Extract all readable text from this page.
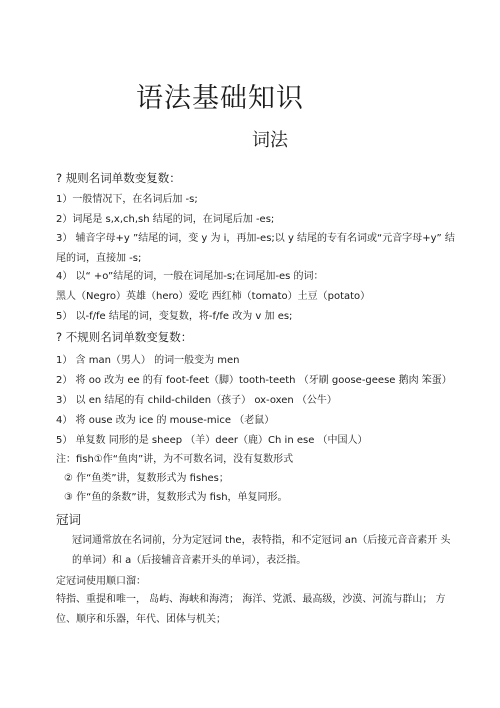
语法基础知识
词法
? 规则名词单数变复数：
1）一般情况下，在名词后加 -s;
2）词尾是 s,x,ch,sh 结尾的词，在词尾后加 -es;
3） 辅音字母+y ”结尾的词，变 y 为 i，再加-es;以 y 结尾的专有名词或“元音字母+y” 结尾的词，直接加 -s;
4） 以“ +o”结尾的词，一般在词尾加-s;在词尾加-es 的词：
黑人（Negro）英雄（hero）爱吃 西红柿（tomato）土豆（potato）
5） 以-f/fe 结尾的词，变复数，将-f/fe 改为 v 加 es;
? 不规则名词单数变复数：
1） 含 man（男人） 的词一般变为 men
2） 将 oo 改为 ee 的有 foot-feet（脚）tooth-teeth （牙刷 goose-geese 鹅肉 笨蛋）
3） 以 en 结尾的有 child-childen（孩子） ox-oxen （公牛）
4） 将 ouse 改为 ice 的 mouse-mice （老鼠）
5） 单复数 同形的是 sheep （羊）deer（鹿）Ch in ese （中国人）
注：fish①作“鱼肉”讲，为不可数名词，没有复数形式
② 作“鱼类”讲，复数形式为 fishes；
③ 作“鱼的条数”讲，复数形式为 fish，单复同形。
冠词
冠词通常放在名词前，分为定冠词 the，表特指，和不定冠词 an（后接元音音素开 头的单词）和 a（后接辅音音素开头的单词），表泛指。
定冠词使用顺口溜：
特指、重提和唯一， 岛屿、海峡和海湾； 海洋、党派、最高级，沙漠、河流与群山； 方位、顺序和乐器，年代、团体与机关；
